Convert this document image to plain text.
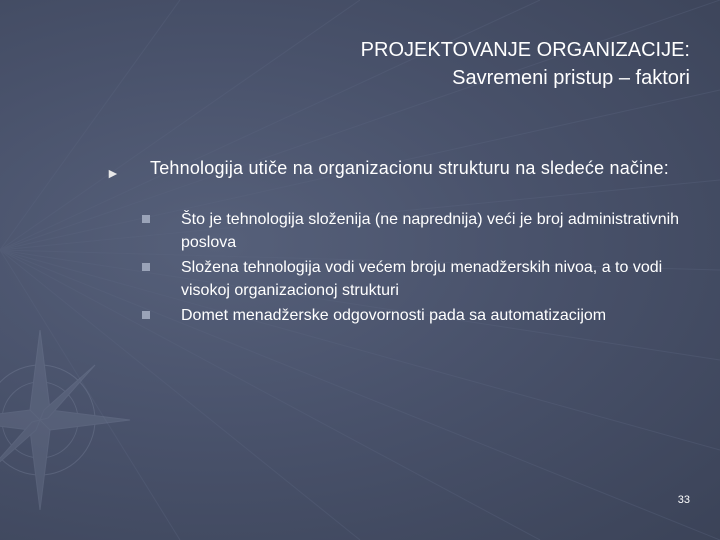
PROJEKTOVANJE ORGANIZACIJE:
Savremeni pristup – faktori
► Tehnologija utiče na organizacionu strukturu na sledeće načine:
Što je tehnologija složenija (ne naprednija) veći je broj administrativnih poslova
Složena tehnologija vodi većem broju menadžerskih nivoa, a to vodi visokoj organizacionoj strukturi
Domet menadžerske odgovornosti pada sa automatizacijom
33
